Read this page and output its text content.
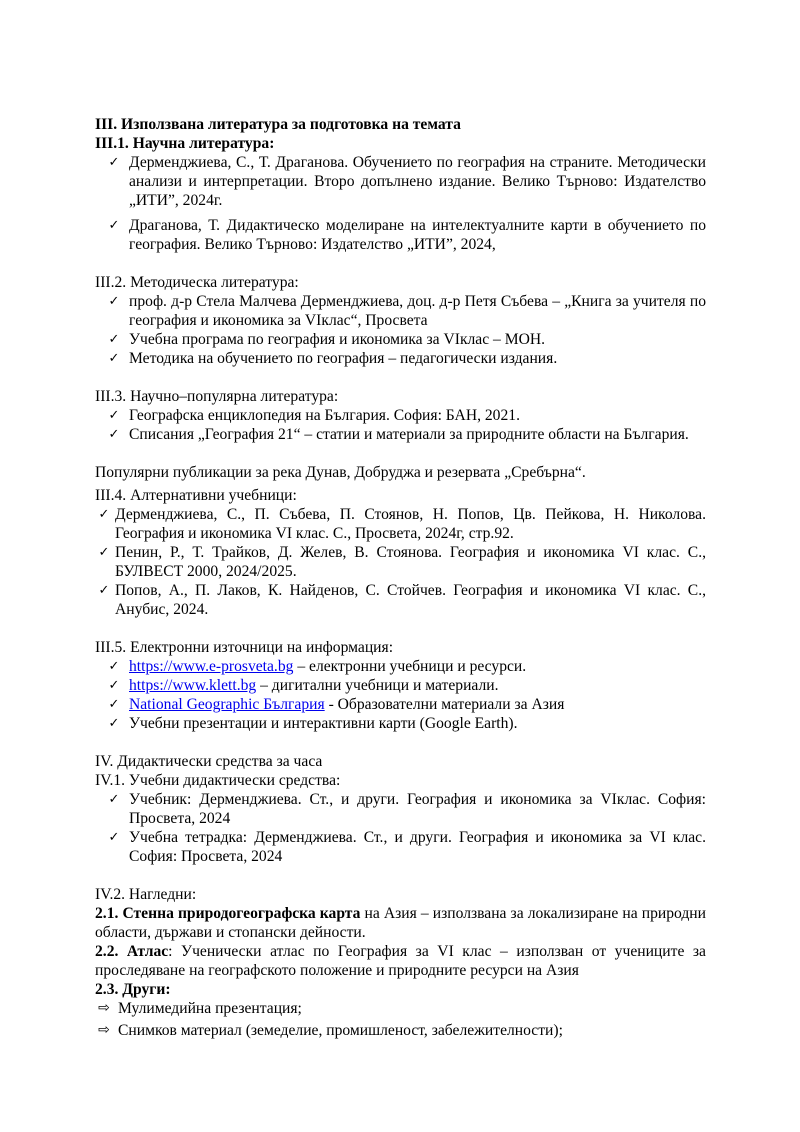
III. Използвана литература за подготовка на темата

III.1. Научна литература:

✓ Дерменджиева, С., Т. Драганова. Обучението по география на страните. Методически анализи и интерпретации. Второ допълнено издание. Велико Търново: Издателство „ИТИ”, 2024г.

✓ Драганова, Т. Дидактическо моделиране на интелектуалните карти в обучението по география. Велико Търново: Издателство „ИТИ”, 2024,

III.2. Методическа литература:

✓ проф. д-р Стела Малчева Дерменджиева, доц. д-р Петя Събева – „Книга за учителя по география и икономика за VIклас“, Просвета

✓ Учебна програма по география и икономика за VIклас – МОН.

✓ Методика на обучението по география – педагогически издания.

III.3. Научно–популярна литература:

✓ Географска енциклопедия на България. София: БАН, 2021.

✓ Списания „География 21“ – статии и материали за природните области на България.

Популярни публикации за река Дунав, Добруджа и резервата „Сребърна“.

III.4. Алтернативни учебници:

✓ Дерменджиева, С., П. Събева, П. Стоянов, Н. Попов, Цв. Пейкова, Н. Николова. География и икономика VI клас. С., Просвета, 2024г, стр.92.

✓ Пенин, Р., Т. Трайков, Д. Желев, В. Стоянова. География и икономика VI клас. С., БУЛВЕСТ 2000, 2024/2025.

✓ Попов, А., П. Лаков, К. Найденов, С. Стойчев. География и икономика VI клас. С., Анубис, 2024.

III.5. Електронни източници на информация:

✓ https://www.e-prosveta.bg – електронни учебници и ресурси.

✓ https://www.klett.bg – дигитални учебници и материали.

✓ National Geographic България - Образователни материали за Азия

✓ Учебни презентации и интерактивни карти (Google Earth).

IV. Дидактически средства за часа

IV.1. Учебни дидактически средства:

✓ Учебник: Дерменджиева. Ст., и други. География и икономика за VIклас. София: Просвета, 2024

✓ Учебна тетрадка: Дерменджиева. Ст., и други. География и икономика за VI клас. София: Просвета, 2024

IV.2. Нагледни:

2.1. Стенна природогеографска карта на Азия – използвана за локализиране на природни области, държави и стопански дейности.

2.2. Атлас: Ученически атлас по География за VI клас – използван от учениците за проследяване на географското положение и природните ресурси на Азия

2.3. Други:

⇨ Мулимедийна презентация;

⇨ Снимков материал (земеделие, промишленост, забележителности);
